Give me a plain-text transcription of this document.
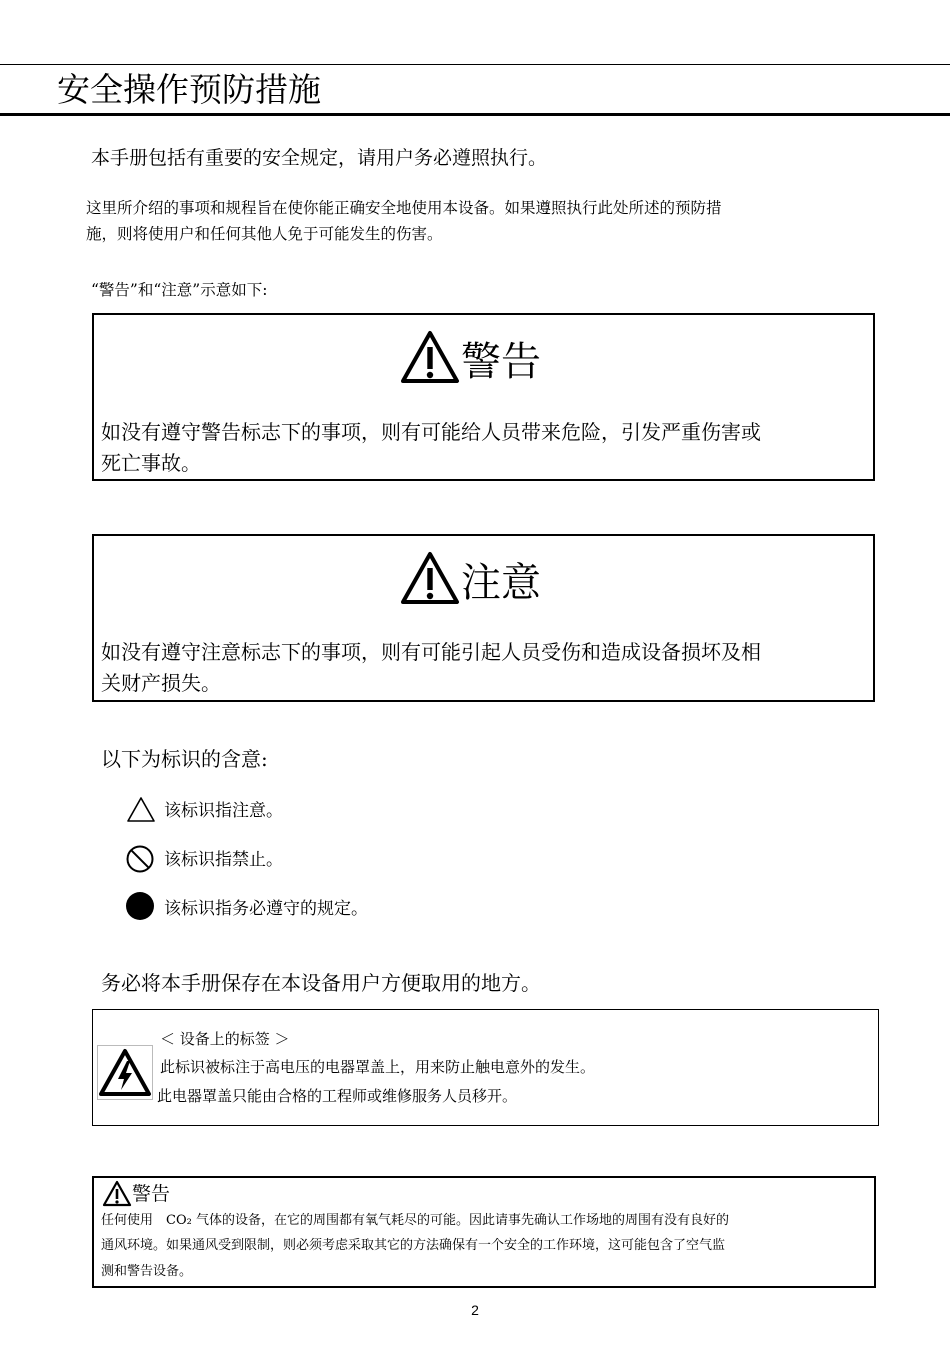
安全操作预防措施
本手册包括有重要的安全规定，请用户务必遵照执行。
这里所介绍的事项和规程旨在使你能正确安全地使用本设备。如果遵照执行此处所述的预防措
施，则将使用户和任何其他人免于可能发生的伤害。
“警告”和“注意”示意如下:
警告
如没有遵守警告标志下的事项，则有可能给人员带来危险，引发严重伤害或
死亡事故。
注意
如没有遵守注意标志下的事项，则有可能引起人员受伤和造成设备损坏及相
关财产损失。
以下为标识的含意:
该标识指注意。
该标识指禁止。
该标识指务必遵守的规定。
务必将本手册保存在本设备用户方便取用的地方。
＜ 设备上的标签 ＞
此标识被标注于高电压的电器罩盖上，用来防止触电意外的发生。
此电器罩盖只能由合格的工程师或维修服务人员移开。
警告
任何使用　CO₂ 气体的设备，在它的周围都有氧气耗尽的可能。因此请事先确认工作场地的周围有没有良好的
通风环境。如果通风受到限制，则必须考虑采取其它的方法确保有一个安全的工作环境，这可能包含了空气监
测和警告设备。
2
